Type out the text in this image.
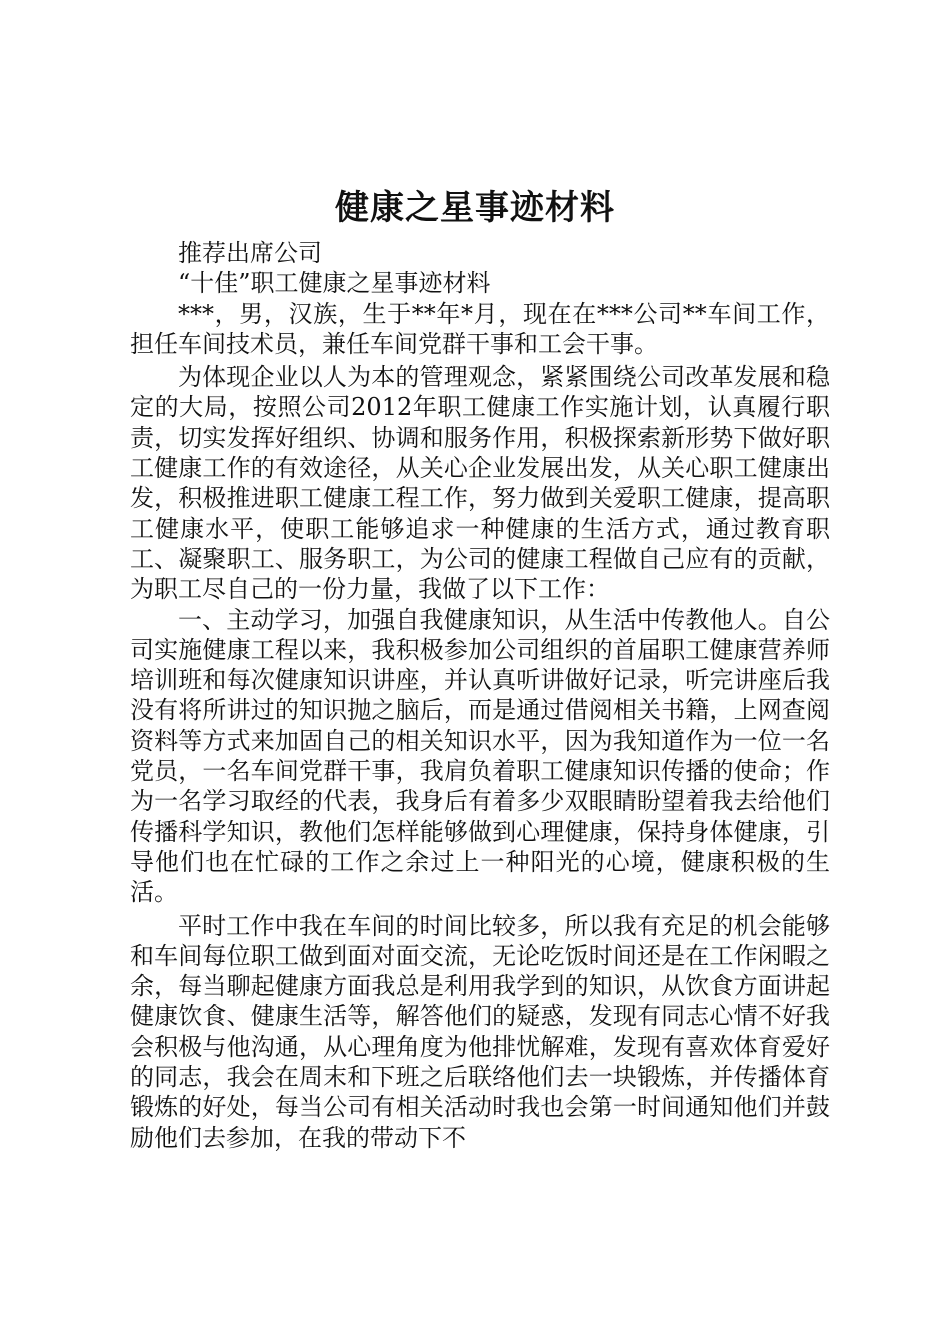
健康之星事迹材料

推荐出席公司

“十佳”职工健康之星事迹材料

***，男，汉族，生于**年*月，现在在***公司**车间工作，担任车间技术员，兼任车间党群干事和工会干事。

为体现企业以人为本的管理观念，紧紧围绕公司改革发展和稳定的大局，按照公司2012年职工健康工作实施计划，认真履行职责，切实发挥好组织、协调和服务作用，积极探索新形势下做好职工健康工作的有效途径，从关心企业发展出发，从关心职工健康出发，积极推进职工健康工程工作，努力做到关爱职工健康，提高职工健康水平，使职工能够追求一种健康的生活方式，通过教育职工、凝聚职工、服务职工，为公司的健康工程做自己应有的贡献，为职工尽自己的一份力量，我做了以下工作：

一、主动学习，加强自我健康知识，从生活中传教他人。自公司实施健康工程以来，我积极参加公司组织的首届职工健康营养师培训班和每次健康知识讲座，并认真听讲做好记录，听完讲座后我没有将所讲过的知识抛之脑后，而是通过借阅相关书籍，上网查阅资料等方式来加固自己的相关知识水平，因为我知道作为一位一名党员，一名车间党群干事，我肩负着职工健康知识传播的使命；作为一名学习取经的代表，我身后有着多少双眼睛盼望着我去给他们传播科学知识，教他们怎样能够做到心理健康，保持身体健康，引导他们也在忙碌的工作之余过上一种阳光的心境，健康积极的生活。

平时工作中我在车间的时间比较多，所以我有充足的机会能够和车间每位职工做到面对面交流，无论吃饭时间还是在工作闲暇之余，每当聊起健康方面我总是利用我学到的知识，从饮食方面讲起健康饮食、健康生活等，解答他们的疑惑，发现有同志心情不好我会积极与他沟通，从心理角度为他排忧解难，发现有喜欢体育爱好的同志，我会在周末和下班之后联络他们去一块锻炼，并传播体育锻炼的好处，每当公司有相关活动时我也会第一时间通知他们并鼓励他们去参加，在我的带动下不
